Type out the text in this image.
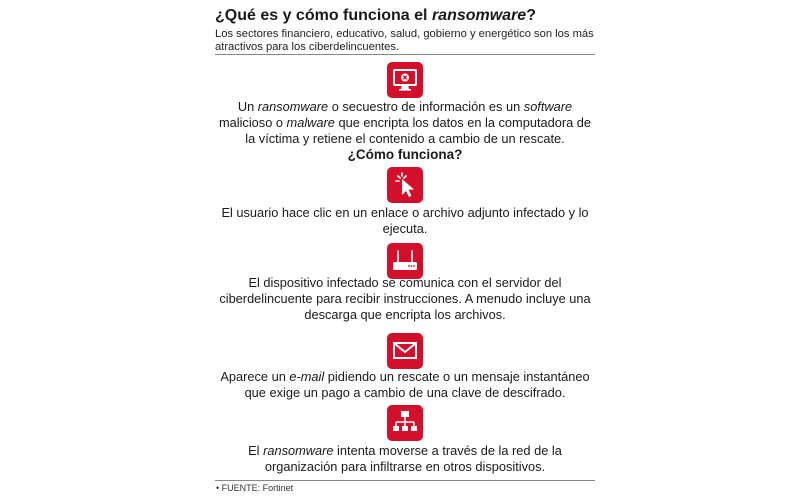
¿Qué es y cómo funciona el ransomware?
Los sectores financiero, educativo, salud, gobierno y energético son los más atractivos para los ciberdelincuentes.
Un ransomware o secuestro de información es un software
malicioso o malware que encripta los datos en la computadora de la víctima y retiene el contenido a cambio de un rescate.
¿Cómo funciona?
El usuario hace clic en un enlace o archivo adjunto infectado y lo ejecuta.
El dispositivo infectado se comunica con el servidor del ciberdelincuente para recibir instrucciones. A menudo incluye una descarga que encripta los archivos.
Aparece un e-mail pidiendo un rescate o un mensaje instantáneo que exige un pago a cambio de una clave de descifrado.
El ransomware intenta moverse a través de la red de la organización para infiltrarse en otros dispositivos.
• FUENTE: Fortinet
